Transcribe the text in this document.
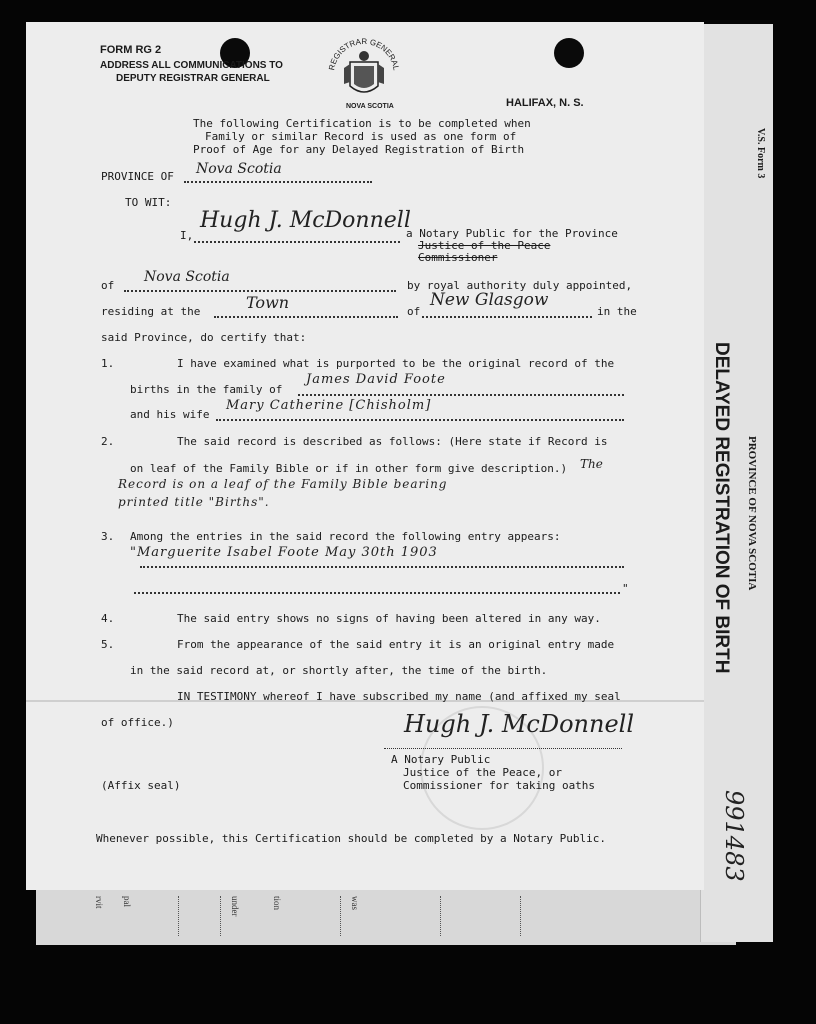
rvit pal	under	tion	was
FORM RG 2
ADDRESS ALL COMMUNICATIONS TO
DEPUTY REGISTRAR GENERAL
REGISTRAR GENERAL
NOVA SCOTIA	HALIFAX, N. S.
The following Certification is to be completed when
Family or similar Record is used as one form of
Proof of Age for any Delayed Registration of Birth
PROVINCE OF Nova Scotia
TO WIT:
I,
Hugh J. McDonnell
a Notary Public for the Province
Justice of the Peace
Commissioner
of
Nova Scotia
by royal authority duly appointed,
residing at the	Town	of
New Glasgow
in the
said Province, do certify that:
1.	I have examined what is purported to be the original record of the
births in the family of
James David Foote
and his wife
Mary Catherine [Chisholm]
2.	The said record is described as follows: (Here state if Record is
on leaf of the Family Bible or if in other form give description.) The
Record is on a leaf of the Family Bible bearing
printed title "Births".
3. Among the entries in the said record the following entry appears:
"Marguerite Isabel Foote May 30th 1903
"
4.	The said entry shows no signs of having been altered in any way.
5.	From the appearance of the said entry it is an original entry made
in the said record at, or shortly after, the time of the birth.
IN TESTIMONY whereof I have subscribed my name (and affixed my seal
of office.)	Hugh J. McDonnell
A Notary Public
Justice of the Peace, or
Commissioner for taking oaths
(Affix seal)
Whenever possible, this Certification should be completed by a Notary Public.
V.S. Form 3
PROVINCE OF NOVA SCOTIA
DELAYED REGISTRATION OF BIRTH
991483
